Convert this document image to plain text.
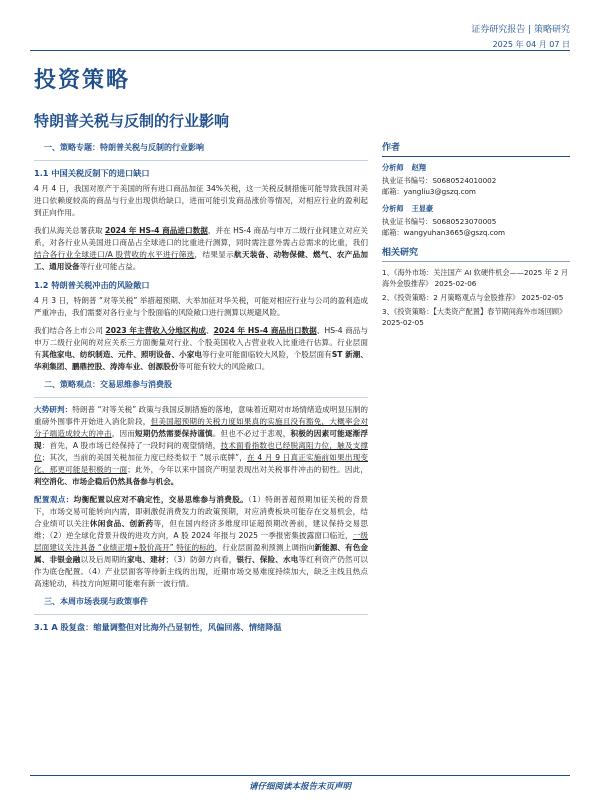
证券研究报告 | 策略研究
2025 年 04 月 07 日
投资策略
特朗普关税与反制的行业影响
一、策略专题：特朗普关税与反制的行业影响
1.1 中国关税反制下的进口缺口

4 月 4 日，我国对原产于美国的所有进口商品加征 34%关税，这一关税反制措施可能导致我国对美进口依赖度较高的商品与行业出现供给缺口，进而可能引发商品涨价等情况，对相应行业的盈利起到正向作用。

我们从海关总署获取 2024 年 HS-4 商品进口数据，并在 HS-4 商品与申万二级行业间建立对应关系，对各行业从美国进口商品占全球进口的比重进行测算，同时需注意外需占总需求的比重，我们结合各行业全球进口/A 股营收的水平进行筛选，结果显示航天装备、动物保健、燃气、农产品加工、通用设备等行业可能占益。

1.2 特朗普关税冲击的风险敞口

4 月 3 日，特朗普 “对等关税” 举措超预期、大举加征对华关税，可能对相应行业与公司的盈利造成严重冲击，我们需要对各行业与个股面临的风险敞口进行测算以规避风险。

我们结合各上市公司 2023 年主营收入分地区构成、2024 年 HS-4 商品出口数据、HS-4 商品与申万二级行业间的对应关系三方面衡量对行业、个股美国收入占营业收入比重进行估算。行业层面有其他家电、纺织制造、元件、照明设备、小家电等行业可能面临较大风险，个股层面有ST 新潮、华利集团、鹏鼎控股、涛涛车业、创源股份等可能有较大的风险敞口。

二、策略观点：交易思维参与消费股

大势研判：特朗普 “对等关税” 政策与我国反制措施的落地，意味着近期对市场情绪造成明显压制的重磅外围事件开始进入消化阶段，但美国超预期的关税力度如果真的实施且没有豁免，大概率会对分子端造成较大的冲击，因而短期仍然需要保持谨慎。但也不必过于悲观，积极的因素可能逐渐浮现：首先，A 股市场已经保持了一段时间的观望情绪，技术面看指数也已经脱离阻力位，触及支撑位；其次，当前的美国关税加征力度已经类似于 “展示底牌”，在 4 月 9 日真正实施前如果出现变化，那更可能是积极的一面；此外，今年以来中国资产明显表现出对关税事件冲击的韧性。因此，利空消化、市场企稳后仍然具备参与机会。

配置观点：均衡配置以应对不确定性，交易思维参与消费股。（1）特朗普超预期加征关税的背景下，市场交易可能转向内需，即刺激促消费发力的政策预期，对应消费板块可能存在交易机会，结合业绩可以关注休闲食品、创新药等，但在国内经济多维度印证超预期改善前，建议保持交易思维；（2）逆全球化背景升级的进攻方向，A 股 2024 年报与 2025 一季报密集披露窗口临近，一级层面建议关注具备 “业绩正增+股价高开” 特征的标的，行业层面盈利预测上调指向新能源、有色金属、非银金融以及后周期的家电、建材；（3）防御方向看，银行、保险、水电等红利资产仍然可以作为底仓配置。（4）产业层面客等待新主线的出现，近期市场交易难度持续加大，缺乏主线且热点高速轮动，科技方向短期可能难有新一波行情。

三、本周市场表现与政策事件
3.1 A 股复盘：缩量调整但对比海外凸显韧性，风偏回落、情绪降温
作者
分析师 赵翔
执业证书编号：S0680524010002
邮箱：yangliu3@gszq.com
分析师 王显豪
执业证书编号：S0680523070005
邮箱：wangyuhan3665@gszq.com
相关研究
1、《海外市场：关注国产 AI 软硬件机会——2025 年 2 月海外金股推荐》 2025-02-06
2、《投资策略：2 月策略观点与金股推荐》 2025-02-05
3、《投资策略：【大类资产配置】春节期间海外市场回顾》 2025-02-05
请仔细阅读本报告末页声明
